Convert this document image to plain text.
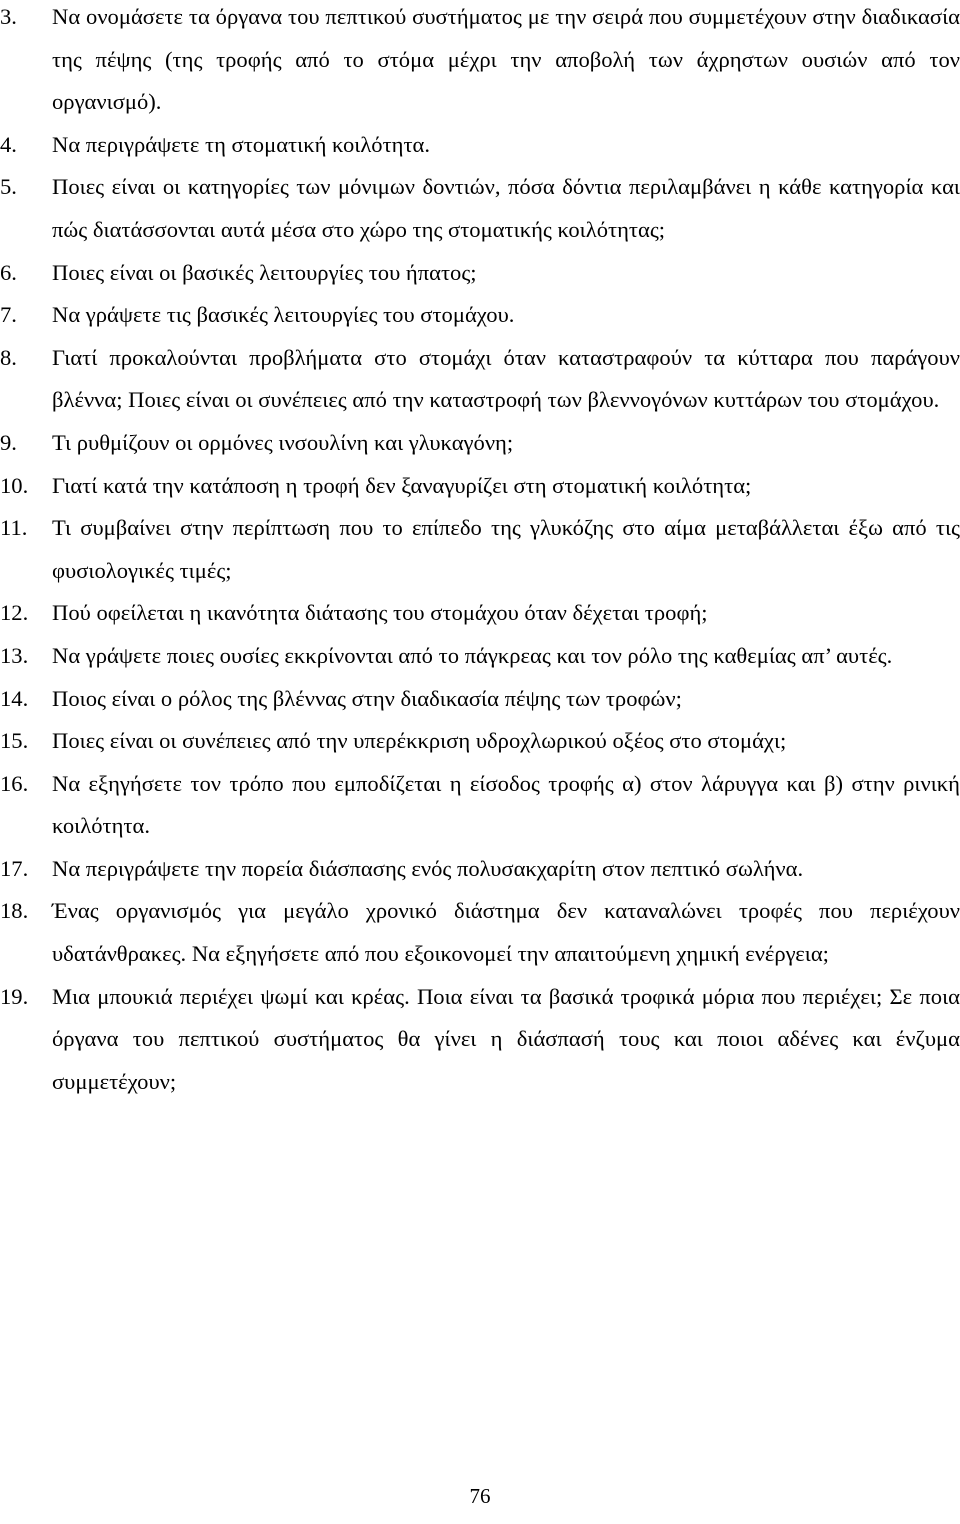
3. Να ονομάσετε τα όργανα του πεπτικού συστήματος με την σειρά που συμμετέχουν στην διαδικασία της πέψης (της τροφής από το στόμα μέχρι την αποβολή των άχρηστων ουσιών από τον οργανισμό).
4. Να περιγράψετε τη στοματική κοιλότητα.
5. Ποιες είναι οι κατηγορίες των μόνιμων δοντιών, πόσα δόντια περιλαμβάνει η κάθε κατηγορία και πώς διατάσσονται αυτά μέσα στο χώρο της στοματικής κοιλότητας;
6. Ποιες είναι οι βασικές λειτουργίες του ήπατος;
7. Να γράψετε τις βασικές λειτουργίες του στομάχου.
8. Γιατί προκαλούνται προβλήματα στο στομάχι όταν καταστραφούν τα κύτταρα που παράγουν βλέννα; Ποιες είναι οι συνέπειες από την καταστροφή των βλεννογόνων κυττάρων του στομάχου.
9. Τι ρυθμίζουν οι ορμόνες ινσουλίνη και γλυκαγόνη;
10. Γιατί κατά την κατάποση η τροφή δεν ξαναγυρίζει στη στοματική κοιλότητα;
11. Τι συμβαίνει στην περίπτωση που το επίπεδο της γλυκόζης στο αίμα μεταβάλλεται έξω από τις φυσιολογικές τιμές;
12. Πού οφείλεται η ικανότητα διάτασης του στομάχου όταν δέχεται τροφή;
13. Να γράψετε ποιες ουσίες εκκρίνονται από το πάγκρεας και τον ρόλο της καθεμίας απ’ αυτές.
14. Ποιος είναι ο ρόλος της βλέννας στην διαδικασία πέψης των τροφών;
15. Ποιες είναι οι συνέπειες από την υπερέκκριση υδροχλωρικού οξέος στο στομάχι;
16. Να εξηγήσετε τον τρόπο που εμποδίζεται η είσοδος τροφής α) στον λάρυγγα και β) στην ρινική κοιλότητα.
17. Να περιγράψετε την πορεία διάσπασης ενός πολυσακχαρίτη στον πεπτικό σωλήνα.
18. Ένας οργανισμός για μεγάλο χρονικό διάστημα δεν καταναλώνει τροφές που περιέχουν υδατάνθρακες. Να εξηγήσετε από που εξοικονομεί την απαιτούμενη χημική ενέργεια;
19. Μια μπουκιά περιέχει ψωμί και κρέας. Ποια είναι τα βασικά τροφικά μόρια που περιέχει; Σε ποια όργανα του πεπτικού συστήματος θα γίνει η διάσπασή τους και ποιοι αδένες και ένζυμα συμμετέχουν;
76
